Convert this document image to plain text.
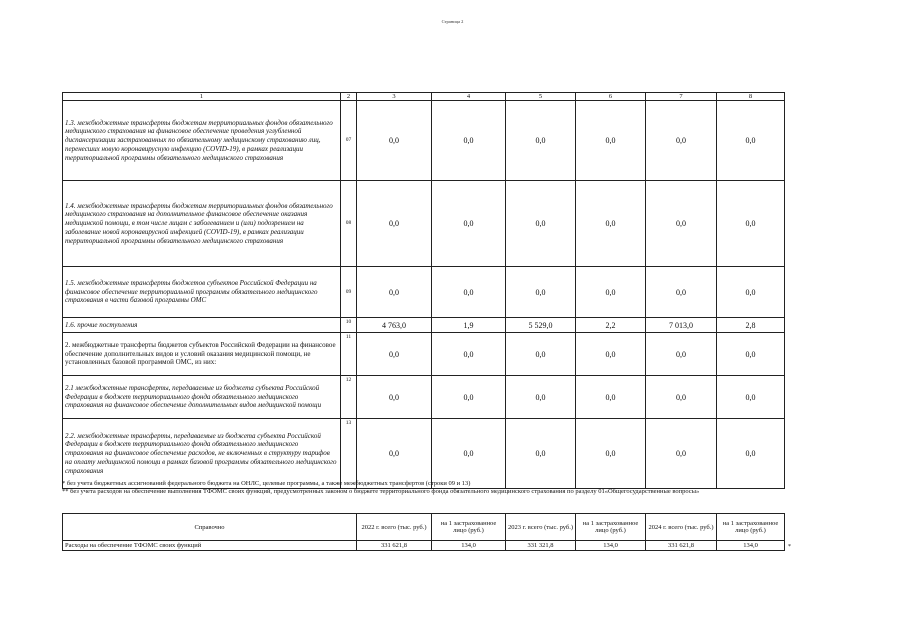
Страница 2
1	2	3	4	5	6	7	8
1.3. межбюджетные трансферты бюджетам территориальных фондов обязательного медицинского страхования на финансовое обеспечение проведения углубленной диспансеризации застрахованных по обязательному медицинскому страхованию лиц, перенесших новую коронавирусную инфекцию (COVID-19), в рамках реализации территориальной программы обязательного медицинского страхования	07	0,0	0,0	0,0	0,0	0,0	0,0
1.4. межбюджетные трансферты бюджетам территориальных фондов обязательного медицинского страхования на дополнительное финансовое обеспечение оказания медицинской помощи, в том числе лицам с заболеванием и (или) подозрением на заболевание новой коронавирусной инфекцией (COVID-19), в рамках реализации территориальной программы обязательного медицинского страхования	08	0,0	0,0	0,0	0,0	0,0	0,0
1.5. межбюджетные трансферты бюджетов субъектов Российской Федерации на финансовое обеспечение территориальной программы обязательного медицинского страхования в части базовой программы ОМС	09	0,0	0,0	0,0	0,0	0,0	0,0
1.6. прочие поступления	10	4 763,0	1,9	5 529,0	2,2	7 013,0	2,8
2. межбюджетные трансферты бюджетов субъектов Российской Федерации на финансовое обеспечение дополнительных видов и условий оказания медицинской помощи, не установленных базовой программой ОМС, из них:	11	0,0	0,0	0,0	0,0	0,0	0,0
2.1 межбюджетные трансферты, передаваемые из бюджета субъекта Российской Федерации в бюджет территориального фонда обязательного медицинского страхования на финансовое обеспечение дополнительных видов медицинской помощи	12	0,0	0,0	0,0	0,0	0,0	0,0
2.2. межбюджетные трансферты, передаваемые из бюджета субъекта Российской Федерации в бюджет территориального фонда обязательного медицинского страхования на финансовое обеспечение расходов, не включенных в структуру тарифов на оплату медицинской помощи в рамках базовой программы обязательного медицинского страхования	13	0,0	0,0	0,0	0,0	0,0	0,0
* без учета бюджетных ассигнований федерального бюджета на ОНЛС, целевые программы, а также межбюджетных трансфертов (строки 09 и 13)
** без учета расходов на обеспечение выполнения ТФОМС своих функций, предусмотренных законом о бюджете территориального фонда обязательного медицинского страхования по разделу 01«Общегосударственные вопросы»
Справочно	2022 г. всего (тыс. руб.)	на 1 застрахованное лицо (руб.)	2023 г. всего (тыс. руб.)	на 1 застрахованное лицо (руб.)	2024 г. всего (тыс. руб.)	на 1 застрахованное лицо (руб.)
Расходы на обеспечение ТФОМС своих функций	331 621,8	134,0	331 321,8	134,0	331 621,8	134,0	*
